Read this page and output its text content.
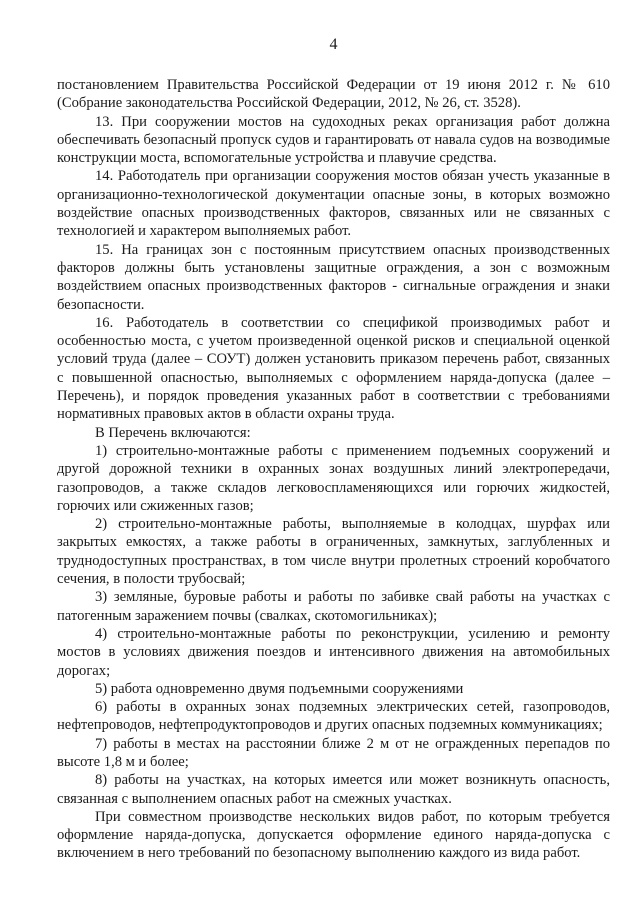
4

постановлением Правительства Российской Федерации от 19 июня 2012 г. № 610 (Собрание законодательства Российской Федерации, 2012, № 26, ст. 3528).

13. При сооружении мостов на судоходных реках организация работ должна обеспечивать безопасный пропуск судов и гарантировать от навала судов на возводимые конструкции моста, вспомогательные устройства и плавучие средства.

14. Работодатель при организации сооружения мостов обязан учесть указанные в организационно-технологической документации опасные зоны, в которых возможно воздействие опасных производственных факторов, связанных или не связанных с технологией и характером выполняемых работ.

15. На границах зон с постоянным присутствием опасных производственных факторов должны быть установлены защитные ограждения, а зон с возможным воздействием опасных производственных факторов - сигнальные ограждения и знаки безопасности.

16. Работодатель в соответствии со спецификой производимых работ и особенностью моста, с учетом произведенной оценкой рисков и специальной оценкой условий труда (далее – СОУТ) должен установить приказом перечень работ, связанных с повышенной опасностью, выполняемых с оформлением наряда-допуска (далее – Перечень), и порядок проведения указанных работ в соответствии с требованиями нормативных правовых актов в области охраны труда.

В Перечень включаются:

1) строительно-монтажные работы с применением подъемных сооружений и другой дорожной техники в охранных зонах воздушных линий электропередачи, газопроводов, а также складов легковоспламеняющихся или горючих жидкостей, горючих или сжиженных газов;

2) строительно-монтажные работы, выполняемые в колодцах, шурфах или закрытых емкостях, а также работы в ограниченных, замкнутых, заглубленных и труднодоступных пространствах, в том числе внутри пролетных строений коробчатого сечения, в полости трубосвай;

3) земляные, буровые работы и работы по забивке свай работы на участках с патогенным заражением почвы (свалках, скотомогильниках);

4) строительно-монтажные работы по реконструкции, усилению и ремонту мостов в условиях движения поездов и интенсивного движения на автомобильных дорогах;

5) работа одновременно двумя подъемными сооружениями

6) работы в охранных зонах подземных электрических сетей, газопроводов, нефтепроводов, нефтепродуктопроводов и других опасных подземных коммуникациях;

7) работы в местах на расстоянии ближе 2 м от не огражденных перепадов по высоте 1,8 м и более;

8) работы на участках, на которых имеется или может возникнуть опасность, связанная с выполнением опасных работ на смежных участках.

При совместном производстве нескольких видов работ, по которым требуется оформление наряда-допуска, допускается оформление единого наряда-допуска с включением в него требований по безопасному выполнению каждого из вида работ.
